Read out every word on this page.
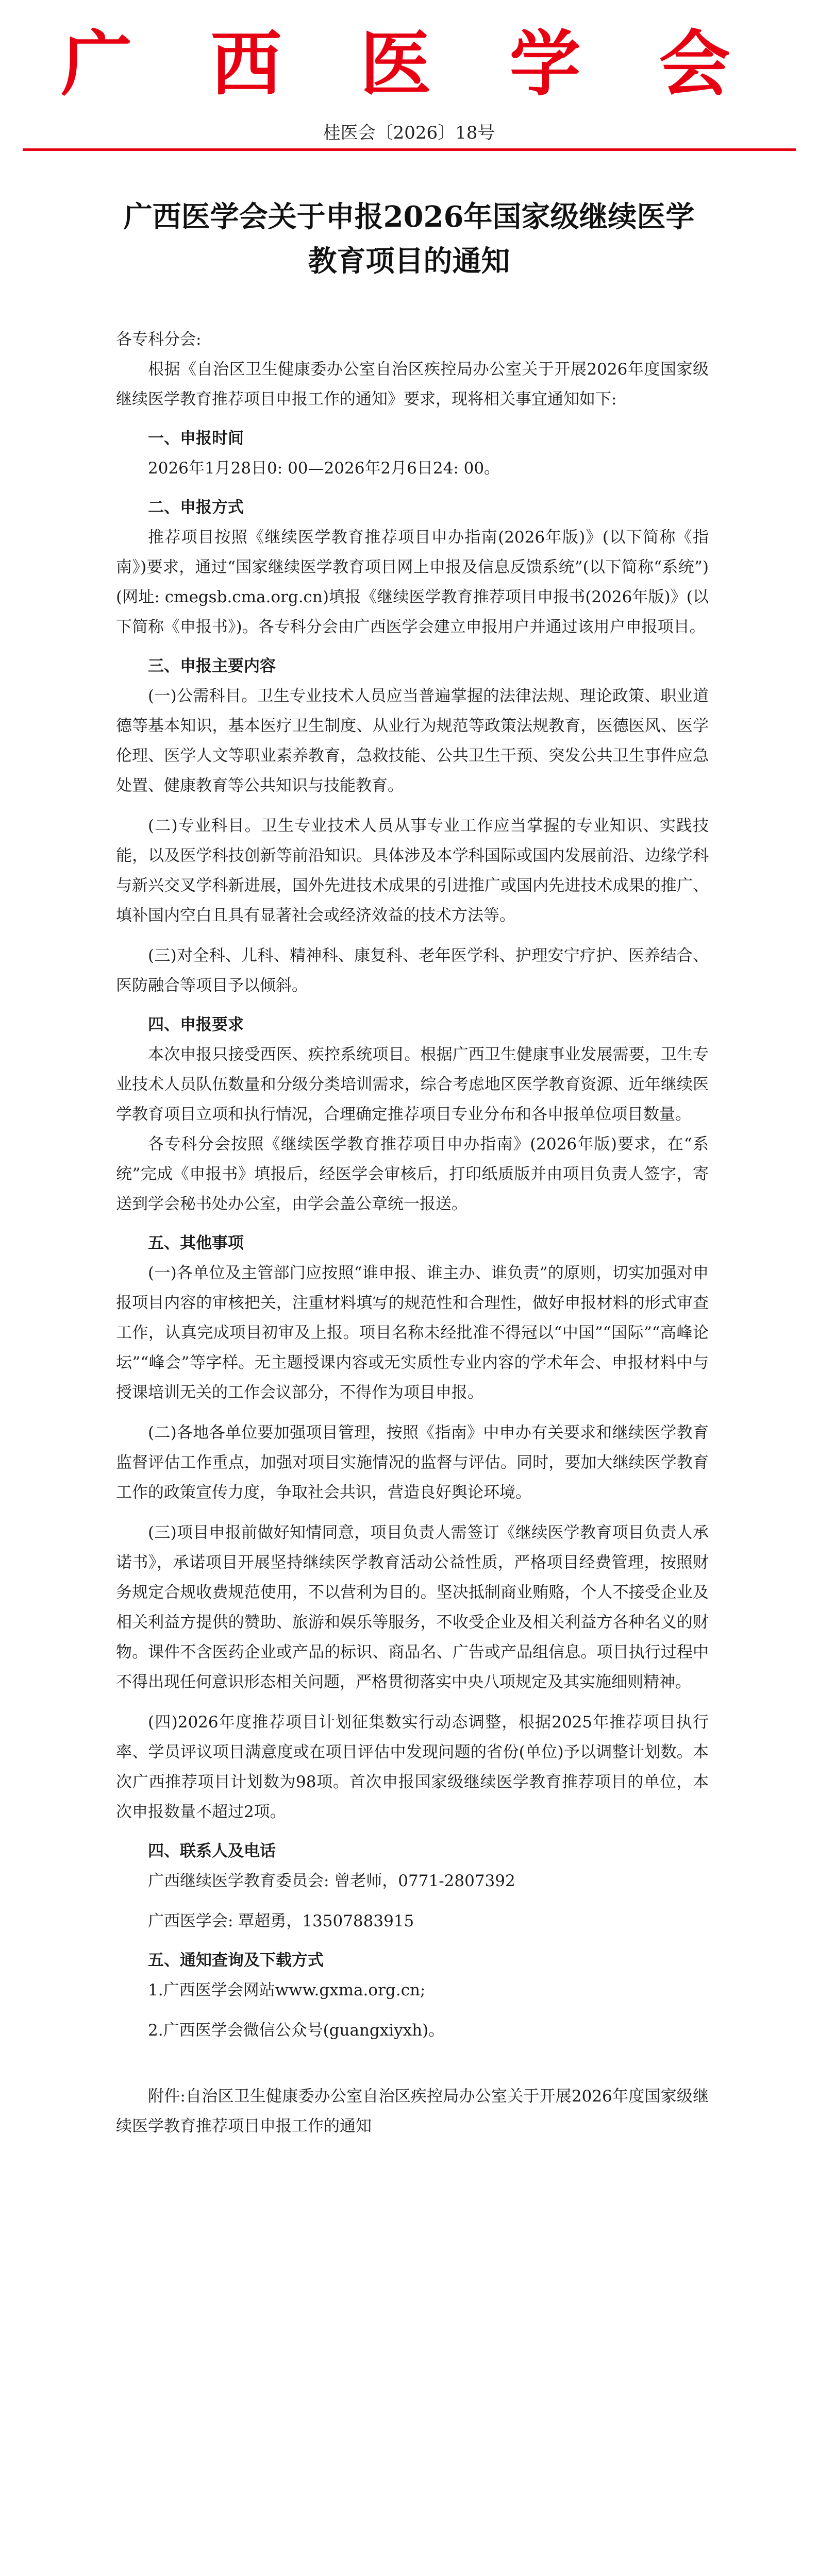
广 西 医 学 会
桂医会〔2026〕18号
广西医学会关于申报2026年国家级继续医学
教育项目的通知

各专科分会:

根据《自治区卫生健康委办公室自治区疾控局办公室关于开展2026年度国家级继续医学教育推荐项目申报工作的通知》要求，现将相关事宜通知如下:

一、申报时间

2026年1月28日0: 00—2026年2月6日24: 00。

二、申报方式

推荐项目按照《继续医学教育推荐项目申办指南(2026年版)》(以下简称《指南》)要求，通过“国家继续医学教育项目网上申报及信息反馈系统”(以下简称“系统”)(网址: cmegsb.cma.org.cn)填报《继续医学教育推荐项目申报书(2026年版)》(以下简称《申报书》)。各专科分会由广西医学会建立申报用户并通过该用户申报项目。

三、申报主要内容

(一)公需科目。卫生专业技术人员应当普遍掌握的法律法规、理论政策、职业道德等基本知识，基本医疗卫生制度、从业行为规范等政策法规教育，医德医风、医学伦理、医学人文等职业素养教育，急救技能、公共卫生干预、突发公共卫生事件应急处置、健康教育等公共知识与技能教育。

(二)专业科目。卫生专业技术人员从事专业工作应当掌握的专业知识、实践技能，以及医学科技创新等前沿知识。具体涉及本学科国际或国内发展前沿、边缘学科与新兴交叉学科新进展，国外先进技术成果的引进推广或国内先进技术成果的推广、填补国内空白且具有显著社会或经济效益的技术方法等。

(三)对全科、儿科、精神科、康复科、老年医学科、护理安宁疗护、医养结合、医防融合等项目予以倾斜。

四、申报要求

本次申报只接受西医、疾控系统项目。根据广西卫生健康事业发展需要，卫生专业技术人员队伍数量和分级分类培训需求，综合考虑地区医学教育资源、近年继续医学教育项目立项和执行情况，合理确定推荐项目专业分布和各申报单位项目数量。

各专科分会按照《继续医学教育推荐项目申办指南》(2026年版)要求，在“系统”完成《申报书》填报后，经医学会审核后，打印纸质版并由项目负责人签字，寄送到学会秘书处办公室，由学会盖公章统一报送。

五、其他事项

(一)各单位及主管部门应按照“谁申报、谁主办、谁负责”的原则，切实加强对申报项目内容的审核把关，注重材料填写的规范性和合理性，做好申报材料的形式审查工作，认真完成项目初审及上报。项目名称未经批准不得冠以“中国”“国际”“高峰论坛”“峰会”等字样。无主题授课内容或无实质性专业内容的学术年会、申报材料中与授课培训无关的工作会议部分，不得作为项目申报。

(二)各地各单位要加强项目管理，按照《指南》中申办有关要求和继续医学教育监督评估工作重点，加强对项目实施情况的监督与评估。同时，要加大继续医学教育工作的政策宣传力度，争取社会共识，营造良好舆论环境。

(三)项目申报前做好知情同意，项目负责人需签订《继续医学教育项目负责人承诺书》，承诺项目开展坚持继续医学教育活动公益性质，严格项目经费管理，按照财务规定合规收费规范使用，不以营利为目的。坚决抵制商业贿赂，个人不接受企业及相关利益方提供的赞助、旅游和娱乐等服务，不收受企业及相关利益方各种名义的财物。课件不含医药企业或产品的标识、商品名、广告或产品组信息。项目执行过程中不得出现任何意识形态相关问题，严格贯彻落实中央八项规定及其实施细则精神。

(四)2026年度推荐项目计划征集数实行动态调整，根据2025年推荐项目执行率、学员评议项目满意度或在项目评估中发现问题的省份(单位)予以调整计划数。本次广西推荐项目计划数为98项。首次申报国家级继续医学教育推荐项目的单位，本次申报数量不超过2项。

四、联系人及电话

广西继续医学教育委员会: 曾老师，0771-2807392

广西医学会: 覃超勇，13507883915

五、通知查询及下载方式

1.广西医学会网站www.gxma.org.cn;

2.广西医学会微信公众号(guangxiyxh)。

附件:自治区卫生健康委办公室自治区疾控局办公室关于开展2026年度国家级继续医学教育推荐项目申报工作的通知
